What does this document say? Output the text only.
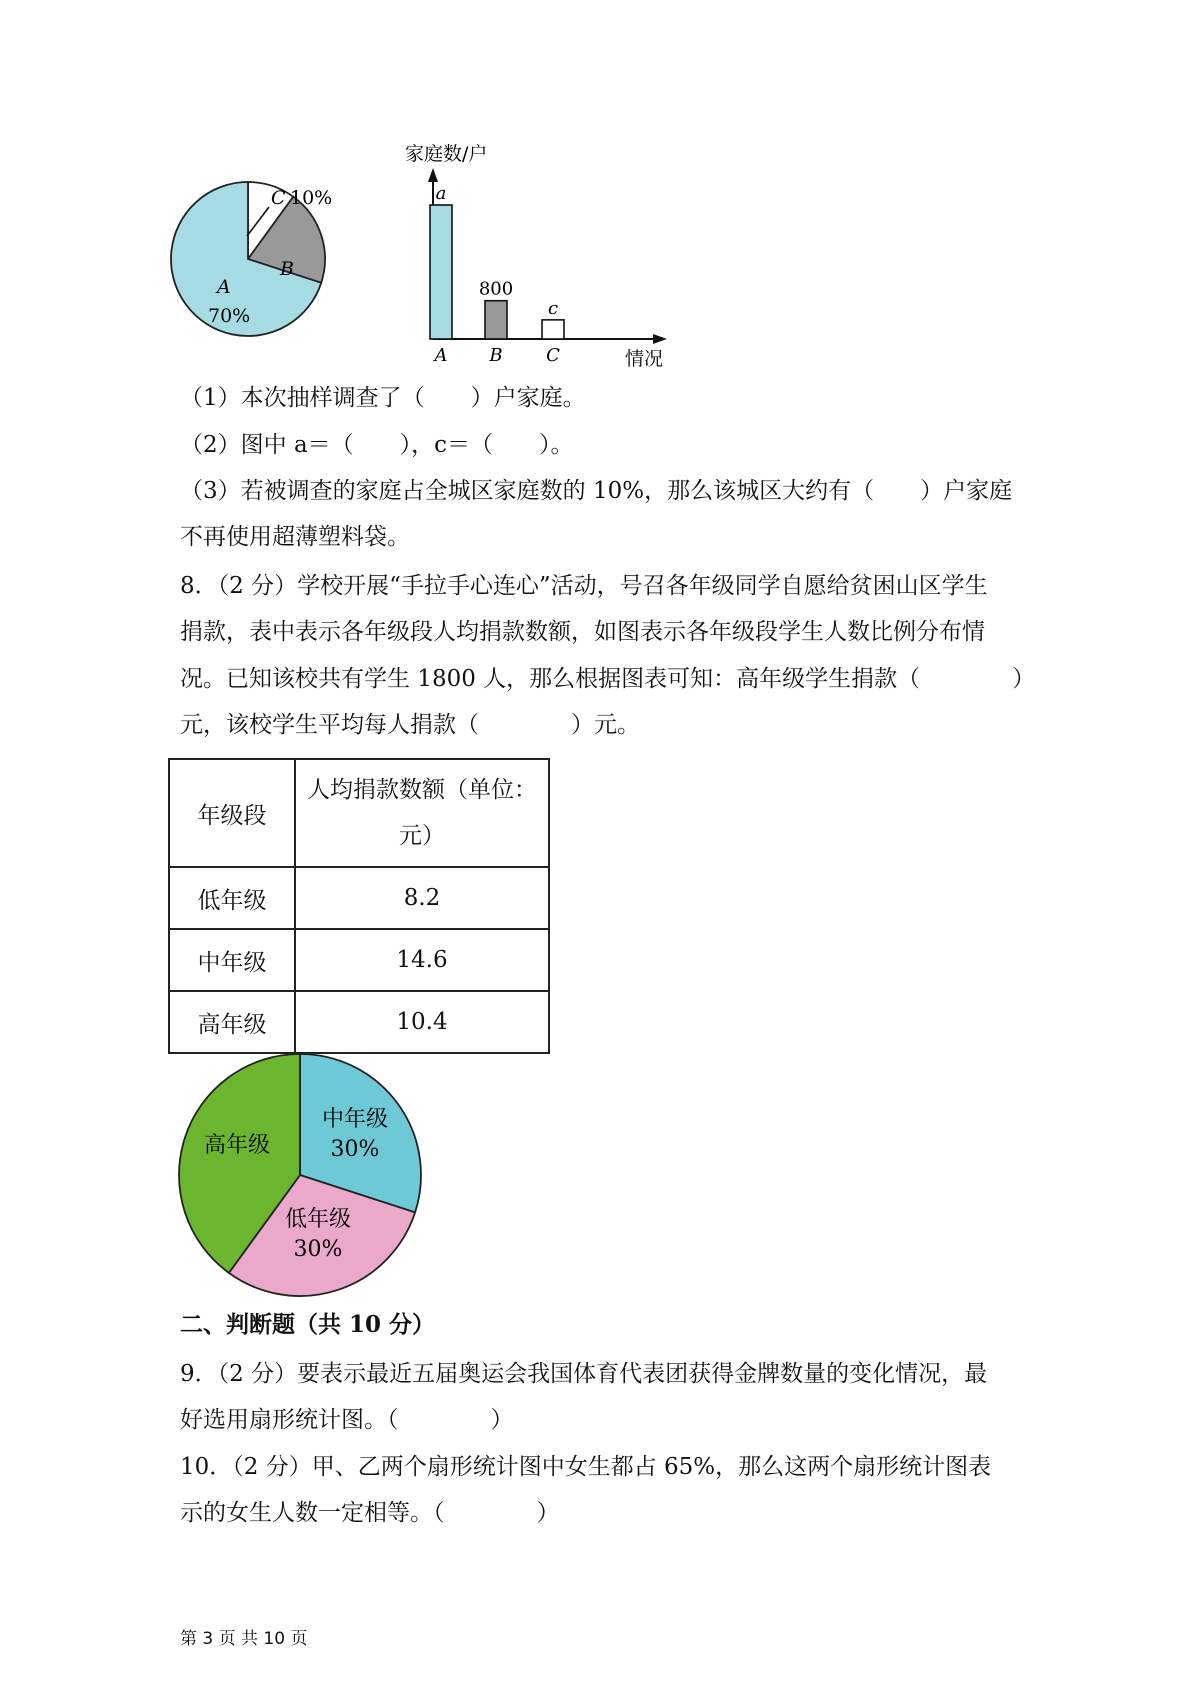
C 10%
B
A
70%
家庭数/户
a
A
800
B
c
C	情况
（1）本次抽样调查了（　　）户家庭。
（2）图中 a＝（　　），c＝（　　）。
（3）若被调查的家庭占全城区家庭数的 10%，那么该城区大约有（　　）户家庭
不再使用超薄塑料袋。
8．（2 分）学校开展“手拉手心连心”活动，号召各年级同学自愿给贫困山区学生
捐款，表中表示各年级段人均捐款数额，如图表示各年级段学生人数比例分布情
况。已知该校共有学生 1800 人，那么根据图表可知：高年级学生捐款（　　　　）
元，该校学生平均每人捐款（　　　　）元。
年级段	人均捐款数额（单位：
元）

低年级	8.2
中年级	14.6
高年级	10.4
中年级
30%
低年级
30%
高年级
二、判断题（共 10 分）
9．（2 分）要表示最近五届奥运会我国体育代表团获得金牌数量的变化情况，最
好选用扇形统计图。（　　　　）
10．（2 分）甲、乙两个扇形统计图中女生都占 65%，那么这两个扇形统计图表
示的女生人数一定相等。（　　　　）
第 3 页 共 10 页
